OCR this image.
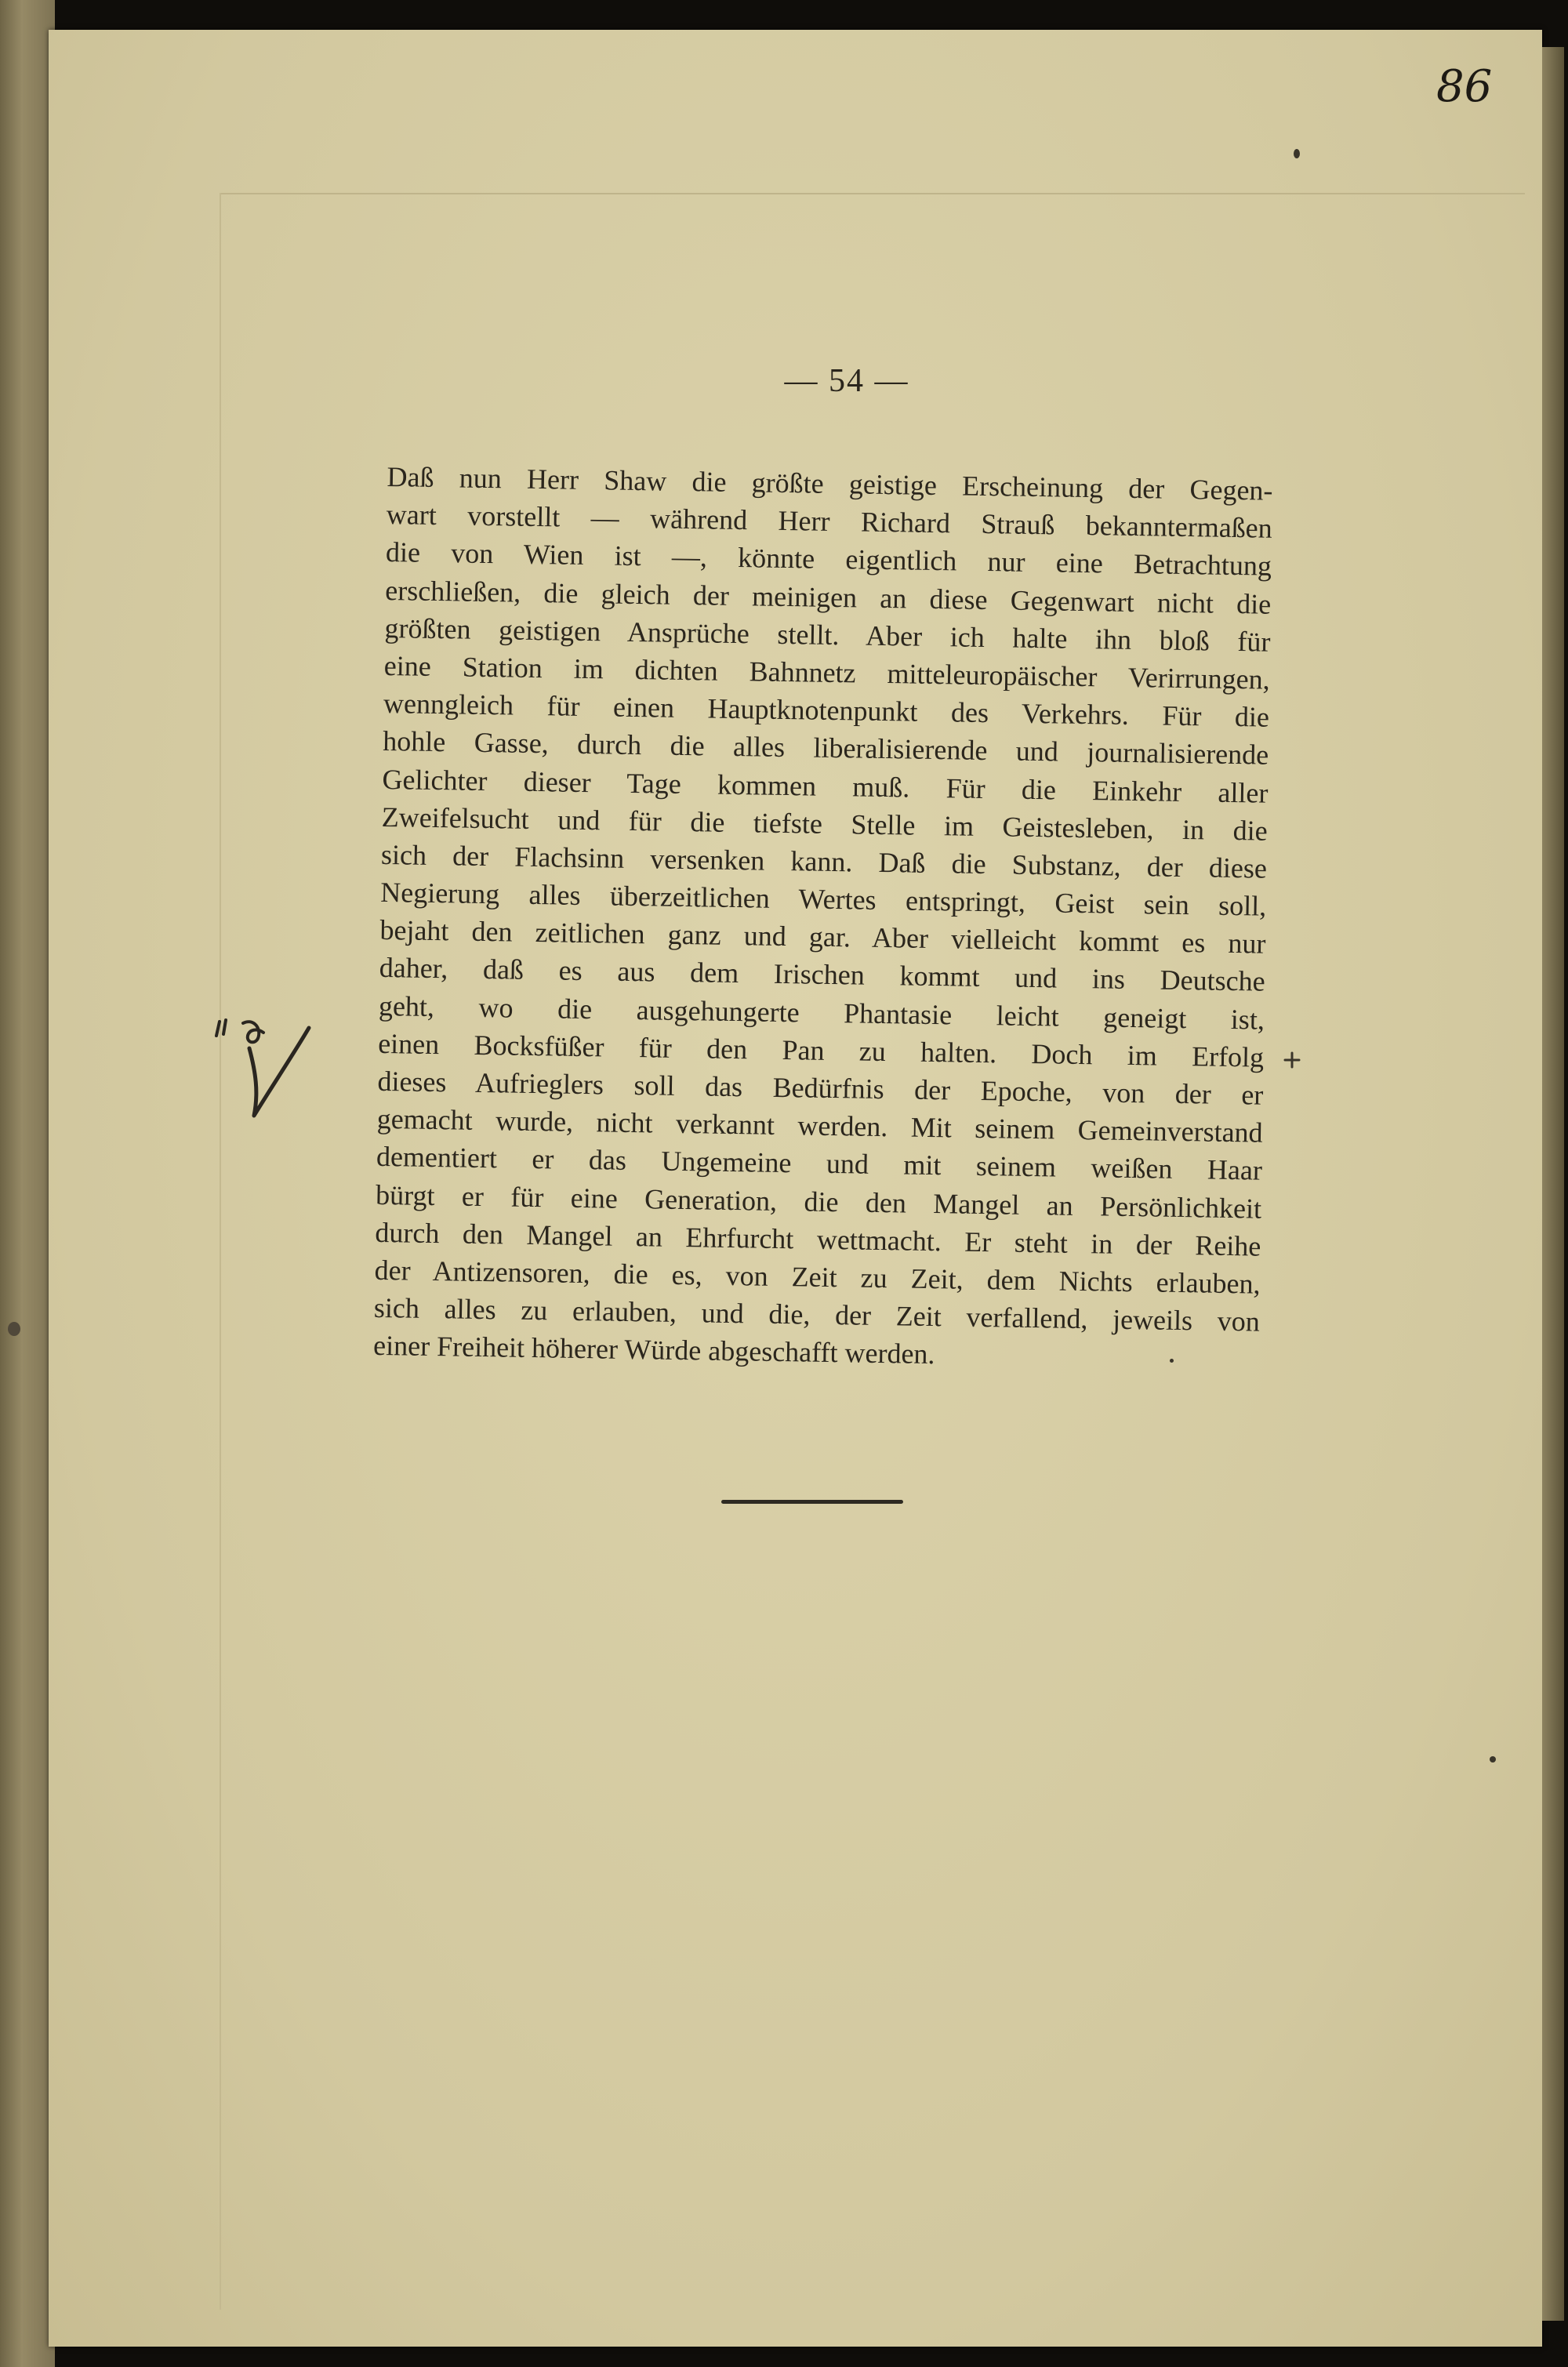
86
— 54 —
Daß nun Herr Shaw die größte geistige Erscheinung der Gegen-
wart vorstellt — während Herr Richard Strauß bekanntermaßen
die von Wien ist —, könnte eigentlich nur eine Betrachtung
erschließen, die gleich der meinigen an diese Gegenwart nicht die
größten geistigen Ansprüche stellt. Aber ich halte ihn bloß für
eine Station im dichten Bahnnetz mitteleuropäischer Verirrungen,
wenngleich für einen Hauptknotenpunkt des Verkehrs. Für die
hohle Gasse, durch die alles liberalisierende und journalisierende
Gelichter dieser Tage kommen muß. Für die Einkehr aller
Zweifelsucht und für die tiefste Stelle im Geistesleben, in die
sich der Flachsinn versenken kann. Daß die Substanz, der diese
Negierung alles überzeitlichen Wertes entspringt, Geist sein soll,
bejaht den zeitlichen ganz und gar. Aber vielleicht kommt es nur
daher, daß es aus dem Irischen kommt und ins Deutsche
geht, wo die ausgehungerte Phantasie leicht geneigt ist,
einen Bocksfüßer für den Pan zu halten. Doch im Erfolg
dieses Aufrieglers soll das Bedürfnis der Epoche, von der er
gemacht wurde, nicht verkannt werden. Mit seinem Gemeinverstand
dementiert er das Ungemeine und mit seinem weißen Haar
bürgt er für eine Generation, die den Mangel an Persönlichkeit
durch den Mangel an Ehrfurcht wettmacht. Er steht in der Reihe
der Antizensoren, die es, von Zeit zu Zeit, dem Nichts erlauben,
sich alles zu erlauben, und die, der Zeit verfallend, jeweils von
einer Freiheit höherer Würde abgeschafft werden.
